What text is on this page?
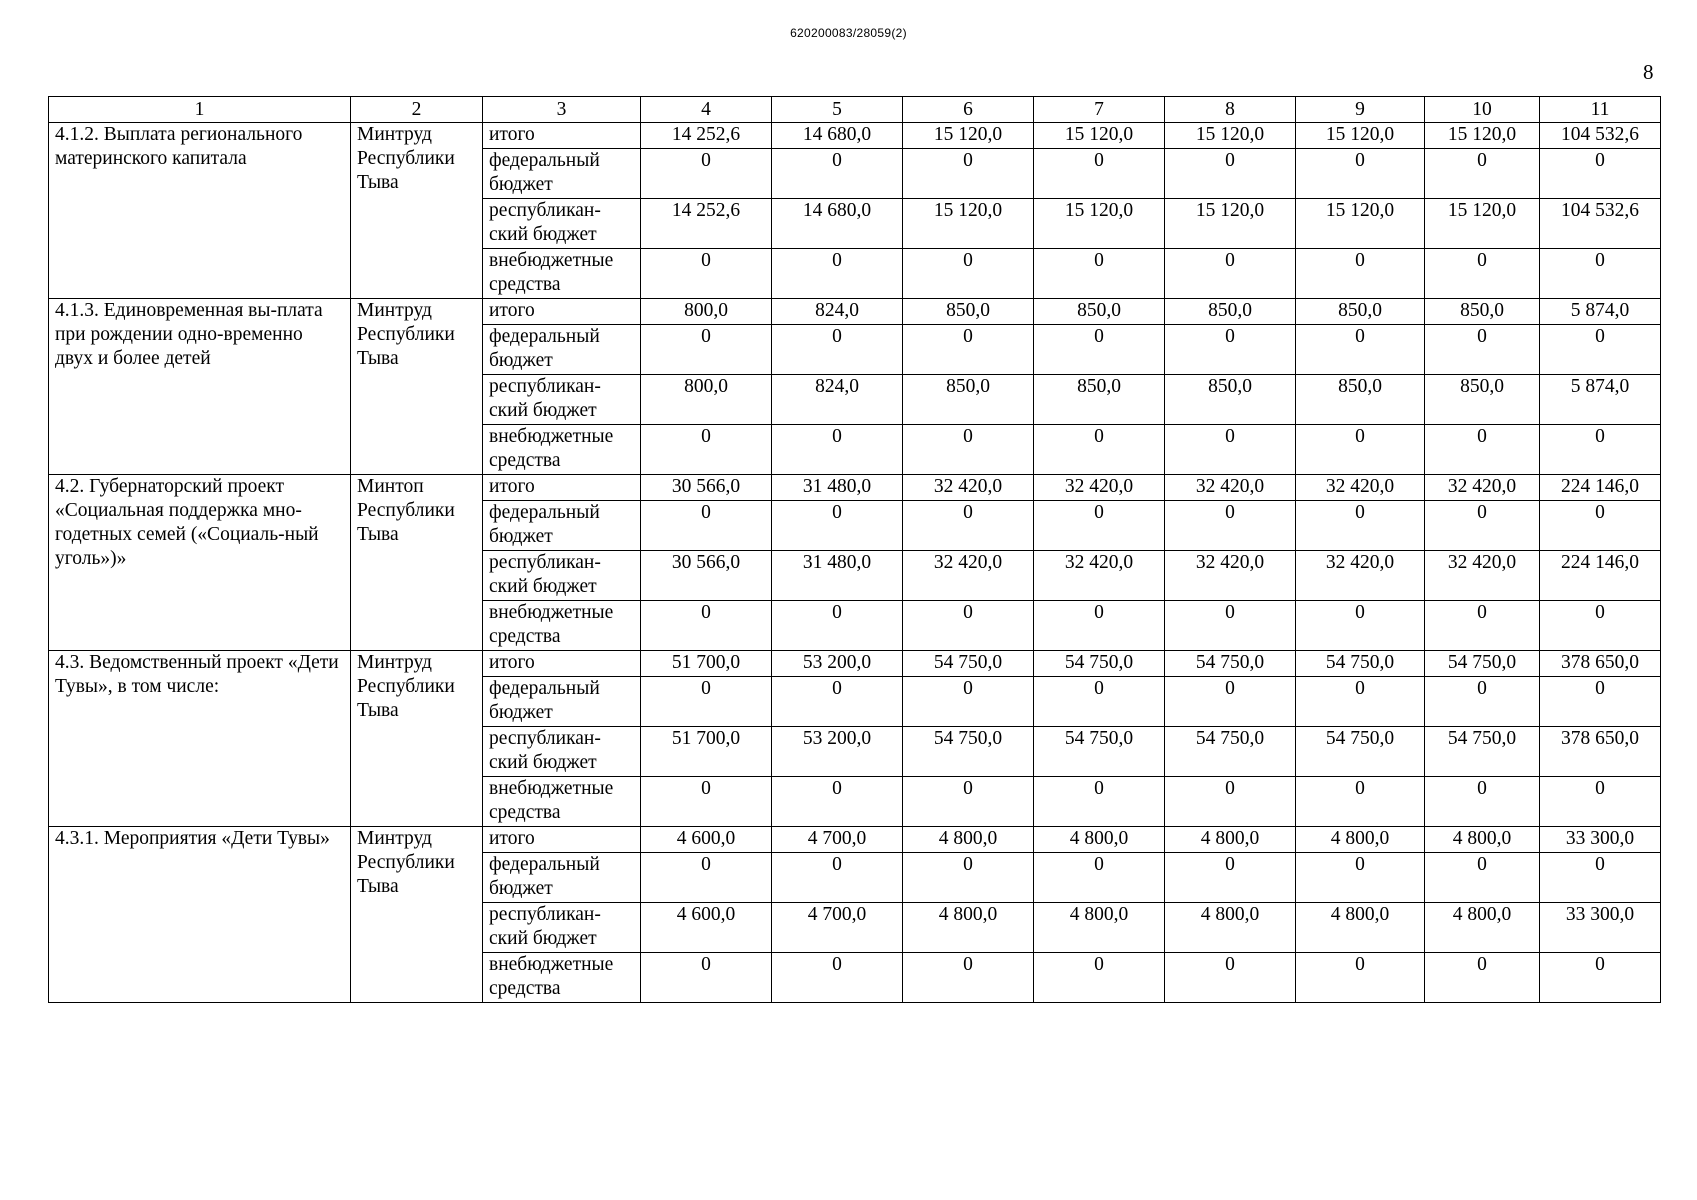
620200083/28059(2)
8
1	2	3	4	5	6	7	8	9	10	11
4.1.2. Выплата регионального материнского капитала	Минтруд Республики Тыва	итого	14 252,6	14 680,0	15 120,0	15 120,0	15 120,0	15 120,0	15 120,0	104 532,6
		федеральный бюджет	0	0	0	0	0	0	0	0
		республикан-ский бюджет	14 252,6	14 680,0	15 120,0	15 120,0	15 120,0	15 120,0	15 120,0	104 532,6
		внебюджетные средства	0	0	0	0	0	0	0	0
4.1.3. Единовременная вы-плата при рождении одно-временно двух и более детей	Минтруд Республики Тыва	итого	800,0	824,0	850,0	850,0	850,0	850,0	850,0	5 874,0
		федеральный бюджет	0	0	0	0	0	0	0	0
		республикан-ский бюджет	800,0	824,0	850,0	850,0	850,0	850,0	850,0	5 874,0
		внебюджетные средства	0	0	0	0	0	0	0	0
4.2. Губернаторский проект «Социальная поддержка мно-годетных семей («Социаль-ный уголь»)»	Минтоп Республики Тыва	итого	30 566,0	31 480,0	32 420,0	32 420,0	32 420,0	32 420,0	32 420,0	224 146,0
		федеральный бюджет	0	0	0	0	0	0	0	0
		республикан-ский бюджет	30 566,0	31 480,0	32 420,0	32 420,0	32 420,0	32 420,0	32 420,0	224 146,0
		внебюджетные средства	0	0	0	0	0	0	0	0
4.3. Ведомственный проект «Дети Тувы», в том числе:	Минтруд Республики Тыва	итого	51 700,0	53 200,0	54 750,0	54 750,0	54 750,0	54 750,0	54 750,0	378 650,0
		федеральный бюджет	0	0	0	0	0	0	0	0
		республикан-ский бюджет	51 700,0	53 200,0	54 750,0	54 750,0	54 750,0	54 750,0	54 750,0	378 650,0
		внебюджетные средства	0	0	0	0	0	0	0	0
4.3.1. Мероприятия «Дети Тувы»	Минтруд Республики Тыва	итого	4 600,0	4 700,0	4 800,0	4 800,0	4 800,0	4 800,0	4 800,0	33 300,0
		федеральный бюджет	0	0	0	0	0	0	0	0
		республикан-ский бюджет	4 600,0	4 700,0	4 800,0	4 800,0	4 800,0	4 800,0	4 800,0	33 300,0
		внебюджетные средства	0	0	0	0	0	0	0	0
